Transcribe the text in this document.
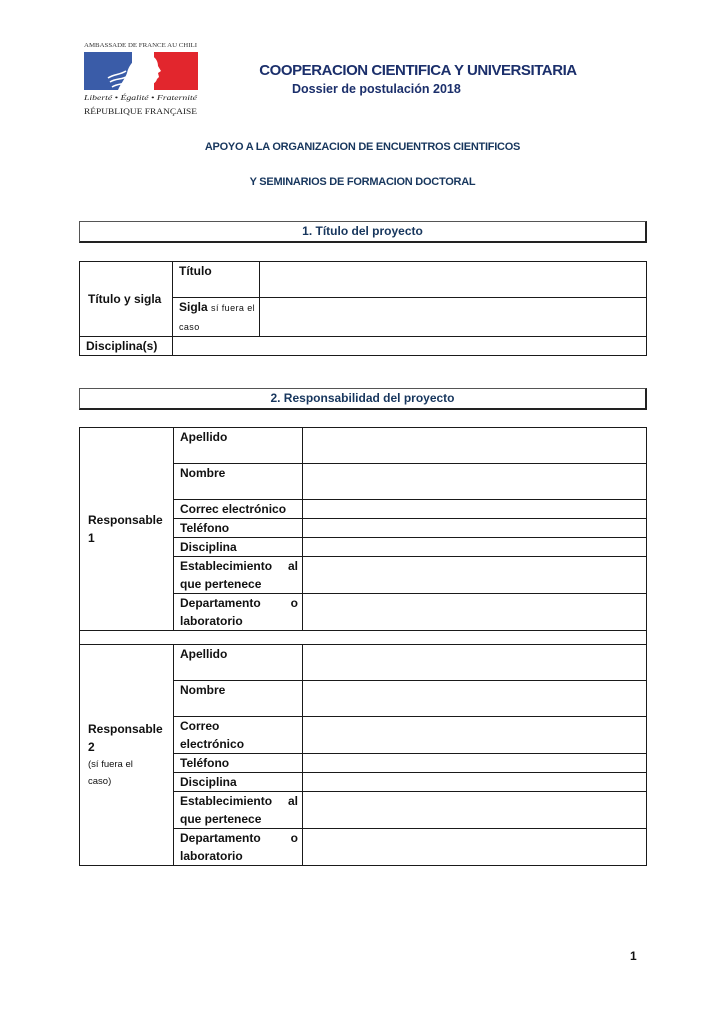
AMBASSADE DE FRANCE AU CHILI
Liberté • Égalité • Fraternité
RÉPUBLIQUE FRANÇAISE
COOPERACION CIENTIFICA Y UNIVERSITARIA
Dossier de postulación 2018
APOYO A LA ORGANIZACION DE ENCUENTROS CIENTIFICOS
Y SEMINARIOS DE FORMACION DOCTORAL
1. Título del proyecto
Título y sigla	Título	
	Sigla sí fuera el caso	
Disciplina(s)		
2. Responsabilidad del proyecto
Responsable 1	Apellido	
	Nombre	
	Correc electrónico	
	Teléfono	
	Disciplina	
	Establecimiento al que pertenece	
	Departamento o laboratorio	

Responsable 2
(sí fuera el caso)	Apellido	
	Nombre	
	Correo electrónico	
	Teléfono	
	Disciplina	
	Establecimiento al que pertenece	
	Departamento o laboratorio	
1
